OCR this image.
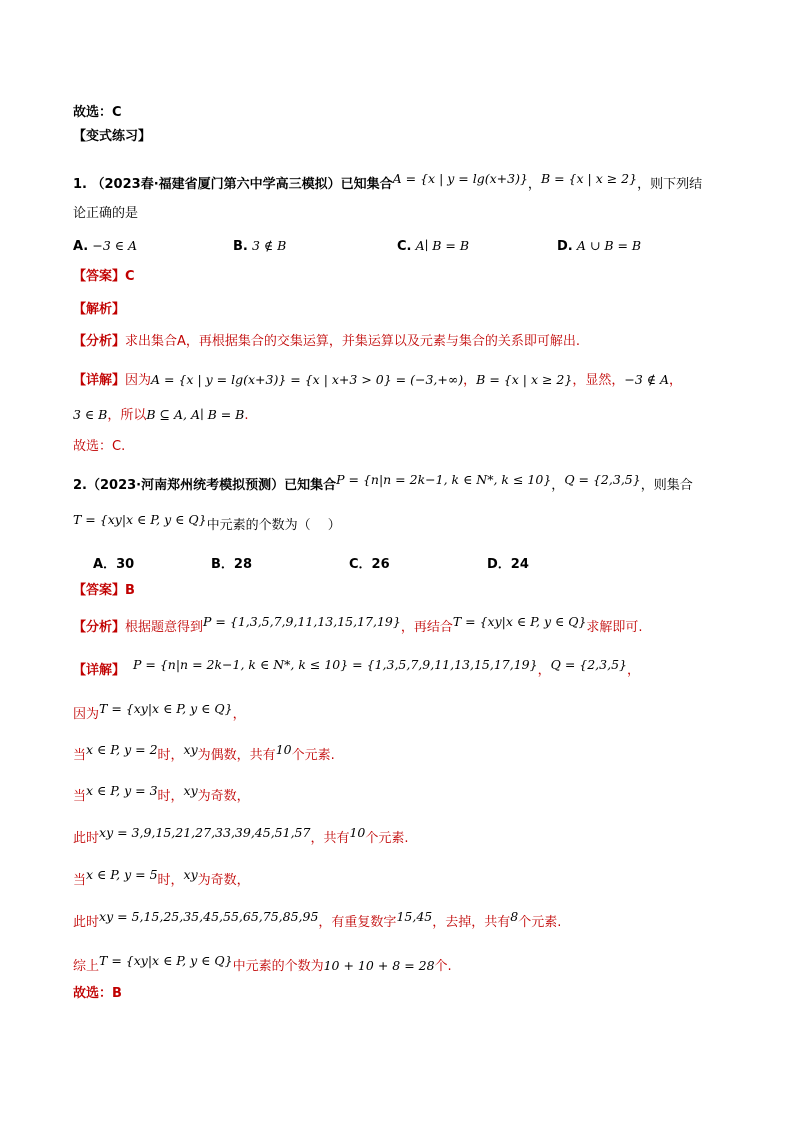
故选：C
【变式练习】
1. （2023春·福建省厦门第六中学高三模拟）已知集合A = {x | y = lg(x+3)}，B = {x | x ≥ 2}，则下列结
论正确的是
A. −3 ∈ A	B. 3 ∉ B	C. A∣ B = B	D. A ∪ B = B
【答案】C
【解析】
【分析】求出集合A，再根据集合的交集运算，并集运算以及元素与集合的关系即可解出.
【详解】因为A = {x | y = lg(x+3)} = {x | x+3 > 0} = (−3,+∞)，B = {x | x ≥ 2}，显然，−3 ∉ A，
3 ∈ B，所以B ⊆ A, A∣ B = B.
故选：C.
2.（2023·河南郑州统考模拟预测）已知集合P = {n|n = 2k−1, k ∈ N*, k ≤ 10}，Q = {2,3,5}，则集合
T = {xy|x ∈ P, y ∈ Q}中元素的个数为（　 ）
A．30	B．28	C．26	D．24
【答案】B
【分析】根据题意得到P = {1,3,5,7,9,11,13,15,17,19}，再结合T = {xy|x ∈ P, y ∈ Q}求解即可.
【详解】 P = {n|n = 2k−1, k ∈ N*, k ≤ 10} = {1,3,5,7,9,11,13,15,17,19}，Q = {2,3,5}，
因为T = {xy|x ∈ P, y ∈ Q}，
当x ∈ P, y = 2时，xy为偶数，共有10个元素.
当x ∈ P, y = 3时，xy为奇数，
此时xy = 3,9,15,21,27,33,39,45,51,57，共有10个元素.
当x ∈ P, y = 5时，xy为奇数，
此时xy = 5,15,25,35,45,55,65,75,85,95，有重复数字15,45，去掉，共有8个元素.
综上T = {xy|x ∈ P, y ∈ Q}中元素的个数为10 + 10 + 8 = 28个.
故选：B
